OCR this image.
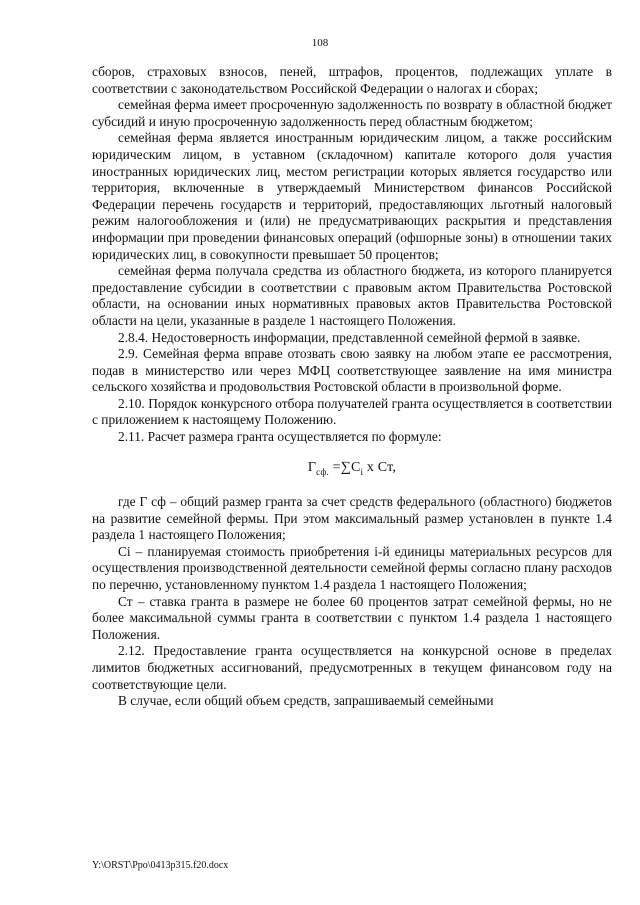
108

сборов, страховых взносов, пеней, штрафов, процентов, подлежащих уплате в соответствии с законодательством Российской Федерации о налогах и сборах;

семейная ферма имеет просроченную задолженность по возврату в областной бюджет субсидий и иную просроченную задолженность перед областным бюджетом;

семейная ферма является иностранным юридическим лицом, а также российским юридическим лицом, в уставном (складочном) капитале которого доля участия иностранных юридических лиц, местом регистрации которых является государство или территория, включенные в утверждаемый Министерством финансов Российской Федерации перечень государств и территорий, предоставляющих льготный налоговый режим налогообложения и (или) не предусматривающих раскрытия и представления информации при проведении финансовых операций (офшорные зоны) в отношении таких юридических лиц, в совокупности превышает 50 процентов;

семейная ферма получала средства из областного бюджета, из которого планируется предоставление субсидии в соответствии с правовым актом Правительства Ростовской области, на основании иных нормативных правовых актов Правительства Ростовской области на цели, указанные в разделе 1 настоящего Положения.

2.8.4. Недостоверность информации, представленной семейной фермой в заявке.

2.9. Семейная ферма вправе отозвать свою заявку на любом этапе ее рассмотрения, подав в министерство или через МФЦ соответствующее заявление на имя министра сельского хозяйства и продовольствия Ростовской области в произвольной форме.

2.10. Порядок конкурсного отбора получателей гранта осуществляется в соответствии с приложением к настоящему Положению.

2.11. Расчет размера гранта осуществляется по формуле:

$Г_{сф.} =\sum С_i$ х Ст,

где Г сф – общий размер гранта за счет средств федерального (областного) бюджетов на развитие семейной фермы. При этом максимальный размер установлен в пункте 1.4 раздела 1 настоящего Положения;

Сi – планируемая стоимость приобретения i-й единицы материальных ресурсов для осуществления производственной деятельности семейной фермы согласно плану расходов по перечню, установленному пунктом 1.4 раздела 1 настоящего Положения;

Ст – ставка гранта в размере не более 60 процентов затрат семейной фермы, но не более максимальной суммы гранта в соответствии с пунктом 1.4 раздела 1 настоящего Положения.

2.12. Предоставление гранта осуществляется на конкурсной основе в пределах лимитов бюджетных ассигнований, предусмотренных в текущем финансовом году на соответствующие цели.

В случае, если общий объем средств, запрашиваемый семейными

Y:\ORST\Ppo\0413p315.f20.docx
